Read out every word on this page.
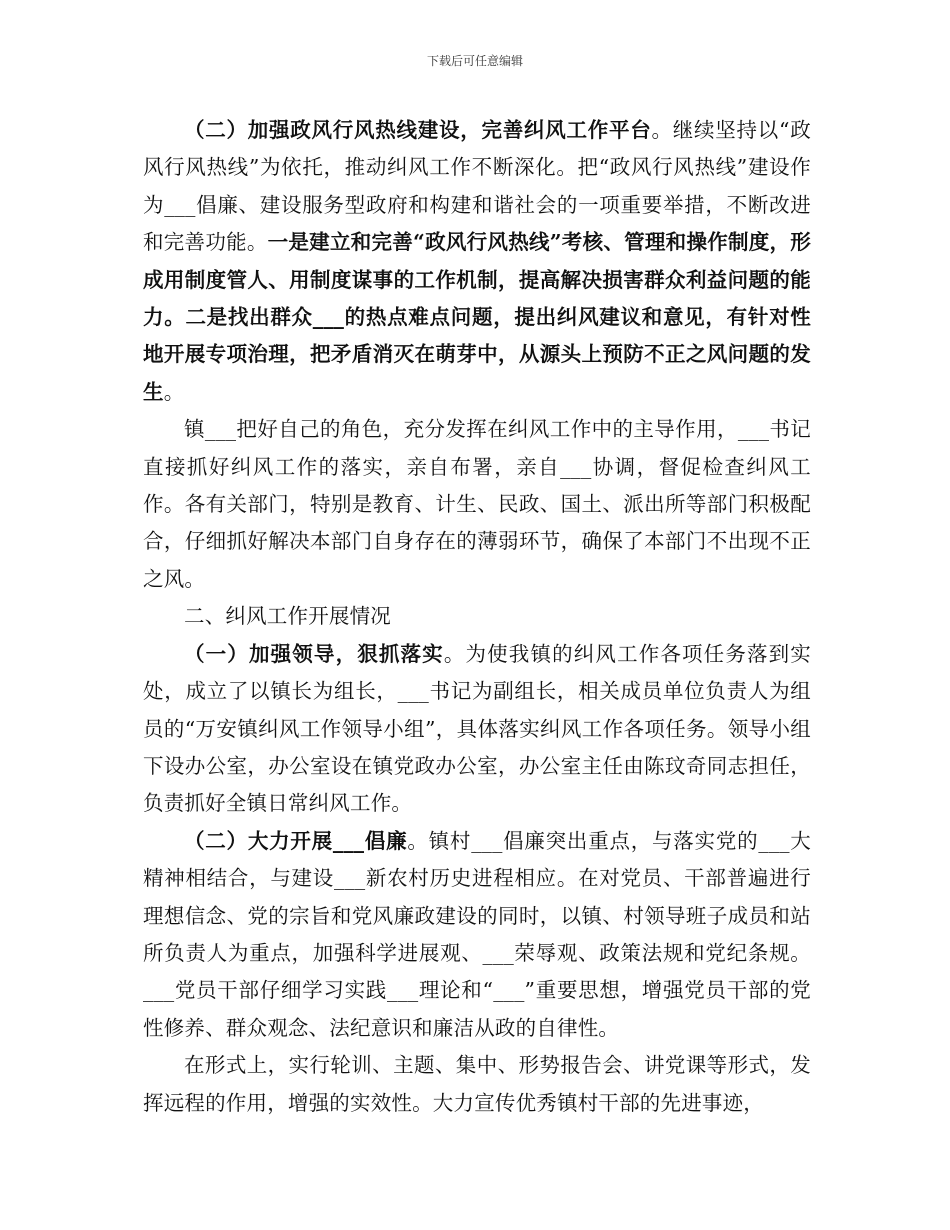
下载后可任意编辑

（二）加强政风行风热线建设，完善纠风工作平台。继续坚持以“政风行风热线”为依托，推动纠风工作不断深化。把“政风行风热线”建设作为___倡廉、建设服务型政府和构建和谐社会的一项重要举措，不断改进和完善功能。一是建立和完善“政风行风热线”考核、管理和操作制度，形成用制度管人、用制度谋事的工作机制，提高解决损害群众利益问题的能力。二是找出群众___的热点难点问题，提出纠风建议和意见，有针对性地开展专项治理，把矛盾消灭在萌芽中，从源头上预防不正之风问题的发生。

镇___把好自己的角色，充分发挥在纠风工作中的主导作用，___书记直接抓好纠风工作的落实，亲自布署，亲自___协调，督促检查纠风工作。各有关部门，特别是教育、计生、民政、国土、派出所等部门积极配合，仔细抓好解决本部门自身存在的薄弱环节，确保了本部门不出现不正之风。

二、纠风工作开展情况

（一）加强领导，狠抓落实。为使我镇的纠风工作各项任务落到实处，成立了以镇长为组长，___书记为副组长，相关成员单位负责人为组员的“万安镇纠风工作领导小组”，具体落实纠风工作各项任务。领导小组下设办公室，办公室设在镇党政办公室，办公室主任由陈玟奇同志担任，负责抓好全镇日常纠风工作。

（二）大力开展___倡廉。镇村___倡廉突出重点，与落实党的___大精神相结合，与建设___新农村历史进程相应。在对党员、干部普遍进行理想信念、党的宗旨和党风廉政建设的同时，以镇、村领导班子成员和站所负责人为重点，加强科学进展观、___荣辱观、政策法规和党纪条规。___党员干部仔细学习实践___理论和“___”重要思想，增强党员干部的党性修养、群众观念、法纪意识和廉洁从政的自律性。

在形式上，实行轮训、主题、集中、形势报告会、讲党课等形式，发挥远程的作用，增强的实效性。大力宣传优秀镇村干部的先进事迹，
